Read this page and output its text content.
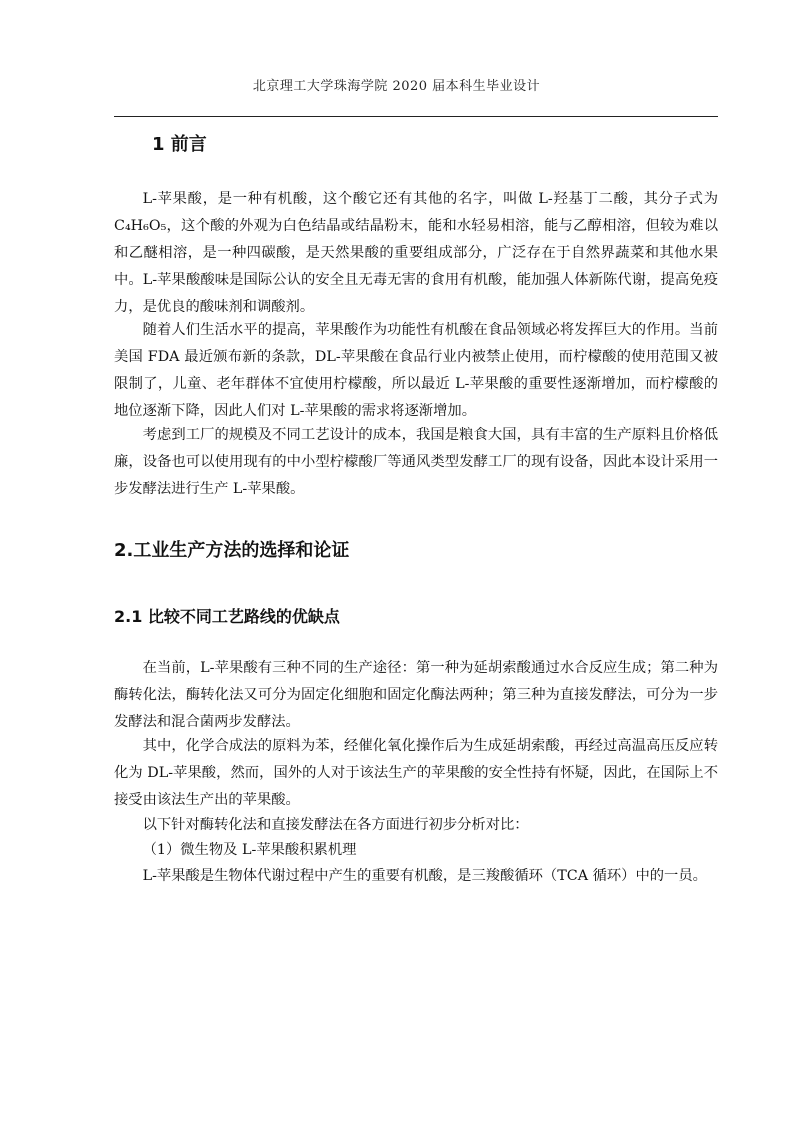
北京理工大学珠海学院 2020 届本科生毕业设计
1 前言

L-苹果酸，是一种有机酸，这个酸它还有其他的名字，叫做 L-羟基丁二酸，其分子式为 C₄H₆O₅，这个酸的外观为白色结晶或结晶粉末，能和水轻易相溶，能与乙醇相溶，但较为难以和乙醚相溶，是一种四碳酸，是天然果酸的重要组成部分，广泛存在于自然界蔬菜和其他水果中。L-苹果酸酸味是国际公认的安全且无毒无害的食用有机酸，能加强人体新陈代谢，提高免疫力，是优良的酸味剂和调酸剂。

随着人们生活水平的提高，苹果酸作为功能性有机酸在食品领域必将发挥巨大的作用。当前美国 FDA 最近颁布新的条款，DL-苹果酸在食品行业内被禁止使用，而柠檬酸的使用范围又被限制了，儿童、老年群体不宜使用柠檬酸，所以最近 L-苹果酸的重要性逐渐增加，而柠檬酸的地位逐渐下降，因此人们对 L-苹果酸的需求将逐渐增加。

考虑到工厂的规模及不同工艺设计的成本，我国是粮食大国，具有丰富的生产原料且价格低廉，设备也可以使用现有的中小型柠檬酸厂等通风类型发酵工厂的现有设备，因此本设计采用一步发酵法进行生产 L-苹果酸。

2.工业生产方法的选择和论证
2.1 比较不同工艺路线的优缺点

在当前，L-苹果酸有三种不同的生产途径：第一种为延胡索酸通过水合反应生成；第二种为酶转化法，酶转化法又可分为固定化细胞和固定化酶法两种；第三种为直接发酵法，可分为一步发酵法和混合菌两步发酵法。

其中，化学合成法的原料为苯，经催化氧化操作后为生成延胡索酸，再经过高温高压反应转化为 DL-苹果酸，然而，国外的人对于该法生产的苹果酸的安全性持有怀疑，因此，在国际上不接受由该法生产出的苹果酸。

以下针对酶转化法和直接发酵法在各方面进行初步分析对比：

（1）微生物及 L-苹果酸积累机理

L-苹果酸是生物体代谢过程中产生的重要有机酸，是三羧酸循环（TCA 循环）中的一员。
